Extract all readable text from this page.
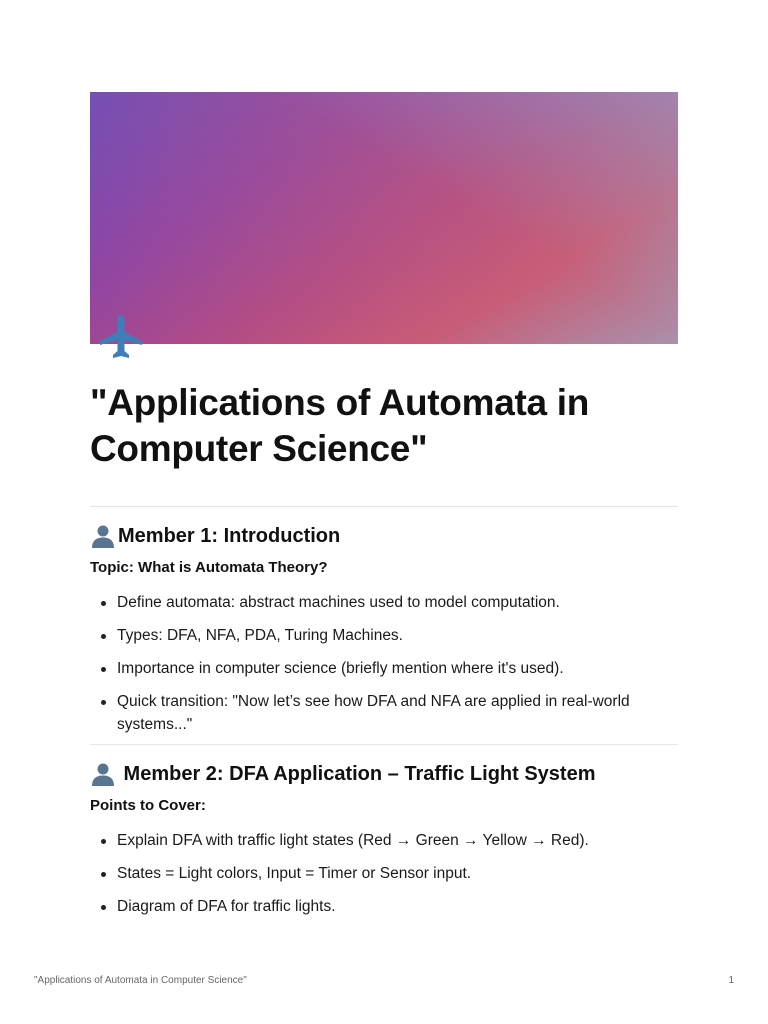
"Applications of Automata in Computer Science"
Member 1: Introduction

Topic: What is Automata Theory?

Define automata: abstract machines used to model computation.
Types: DFA, NFA, PDA, Turing Machines.
Importance in computer science (briefly mention where it's used).
Quick transition: "Now let’s see how DFA and NFA are applied in real-world systems..."
Member 2: DFA Application – Traffic Light System

Points to Cover:

Explain DFA with traffic light states (Red → Green → Yellow → Red).
States = Light colors, Input = Timer or Sensor input.
Diagram of DFA for traffic lights.
"Applications of Automata in Computer Science"	1
